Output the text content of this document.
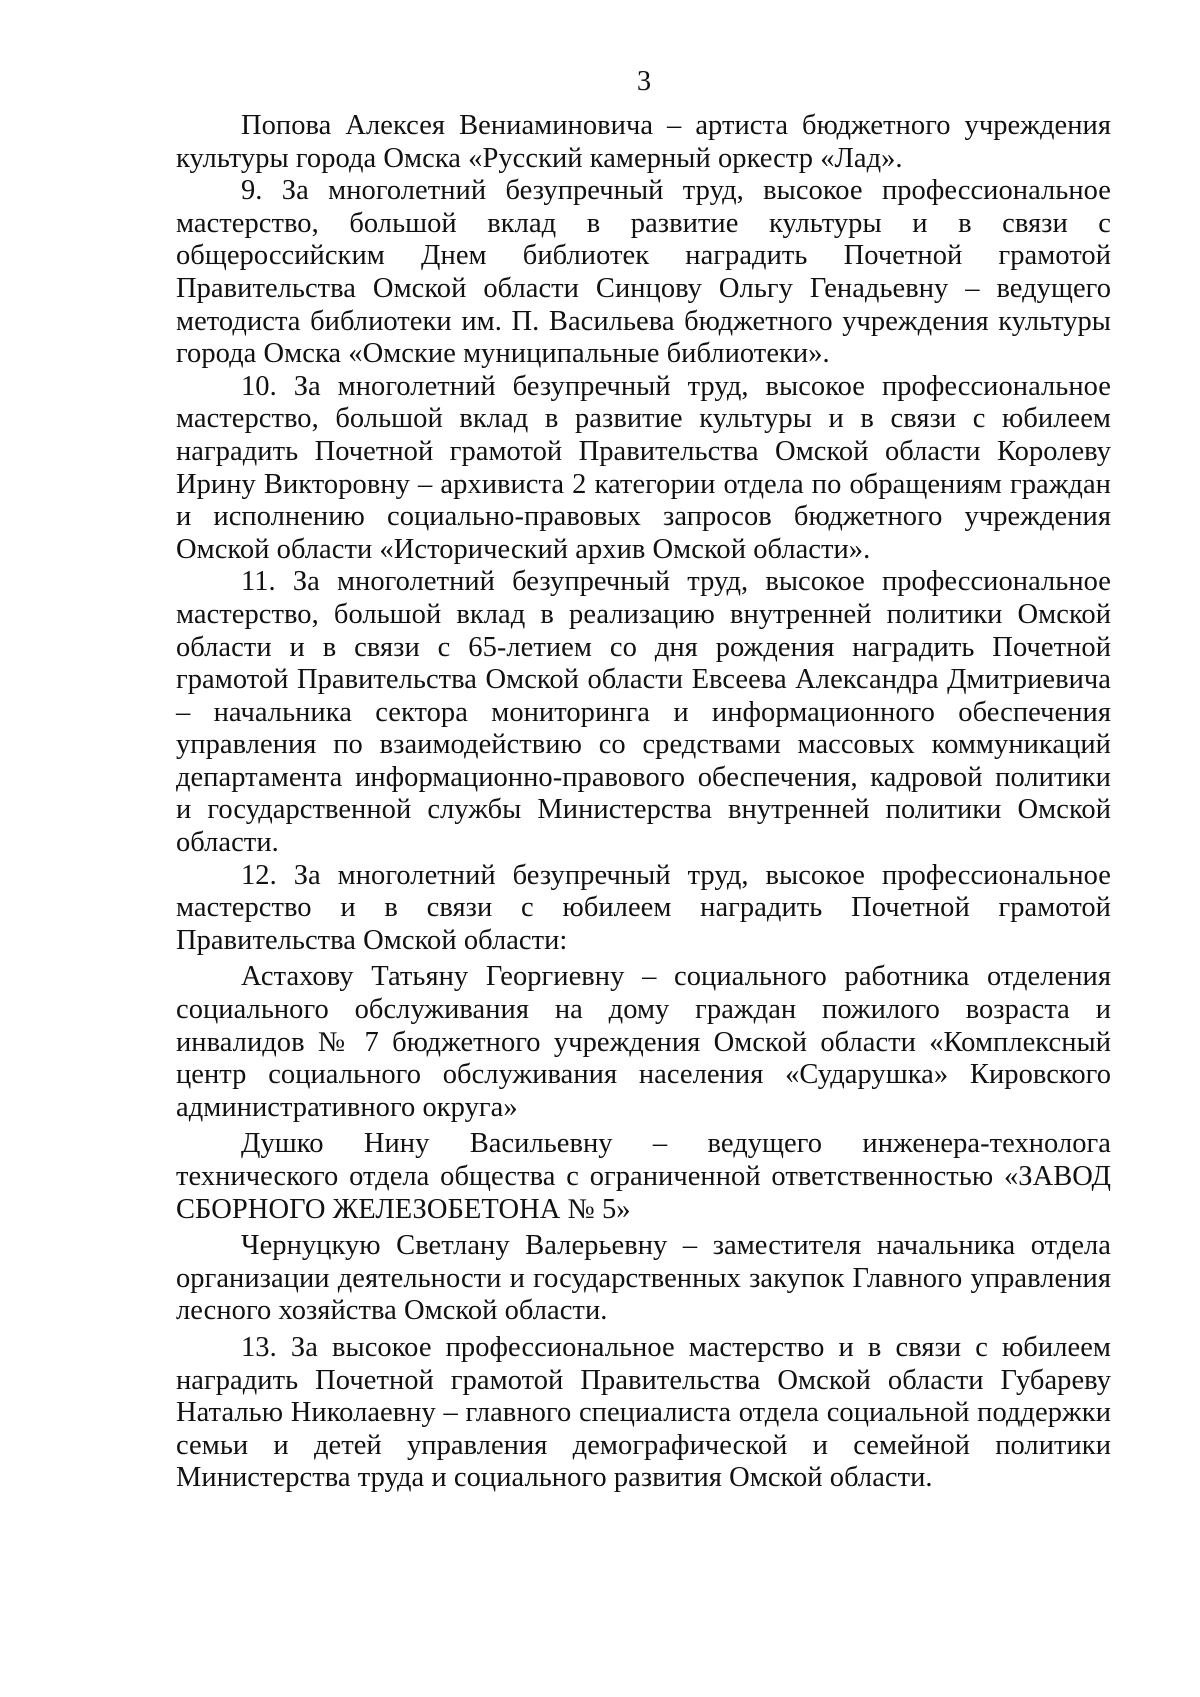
3

Попова Алексея Вениаминовича – артиста бюджетного учреждения культуры города Омска «Русский камерный оркестр «Лад».

9. За многолетний безупречный труд, высокое профессиональное мастерство, большой вклад в развитие культуры и в связи с общероссийским Днем библиотек наградить Почетной грамотой Правительства Омской области Синцову Ольгу Генадьевну – ведущего методиста библиотеки им. П. Васильева бюджетного учреждения культуры города Омска «Омские муниципальные библиотеки».

10. За многолетний безупречный труд, высокое профессиональное мастерство, большой вклад в развитие культуры и в связи с юбилеем наградить Почетной грамотой Правительства Омской области Королеву Ирину Викторовну – архивиста 2 категории отдела по обращениям граждан и исполнению социально-правовых запросов бюджетного учреждения Омской области «Исторический архив Омской области».

11. За многолетний безупречный труд, высокое профессиональное мастерство, большой вклад в реализацию внутренней политики Омской области и в связи с 65-летием со дня рождения наградить Почетной грамотой Правительства Омской области Евсеева Александра Дмитриевича – начальника сектора мониторинга и информационного обеспечения управления по взаимодействию со средствами массовых коммуникаций департамента информационно-правового обеспечения, кадровой политики и государственной службы Министерства внутренней политики Омской области.

12. За многолетний безупречный труд, высокое профессиональное мастерство и в связи с юбилеем наградить Почетной грамотой Правительства Омской области:

Астахову Татьяну Георгиевну – социального работника отделения социального обслуживания на дому граждан пожилого возраста и инвалидов № 7 бюджетного учреждения Омской области «Комплексный центр социального обслуживания населения «Сударушка» Кировского административного округа»

Душко Нину Васильевну – ведущего инженера-технолога технического отдела общества с ограниченной ответственностью «ЗАВОД СБОРНОГО ЖЕЛЕЗОБЕТОНА № 5»

Чернуцкую Светлану Валерьевну – заместителя начальника отдела организации деятельности и государственных закупок Главного управления лесного хозяйства Омской области.

13. За высокое профессиональное мастерство и в связи с юбилеем наградить Почетной грамотой Правительства Омской области Губареву Наталью Николаевну – главного специалиста отдела социальной поддержки семьи и детей управления демографической и семейной политики Министерства труда и социального развития Омской области.
